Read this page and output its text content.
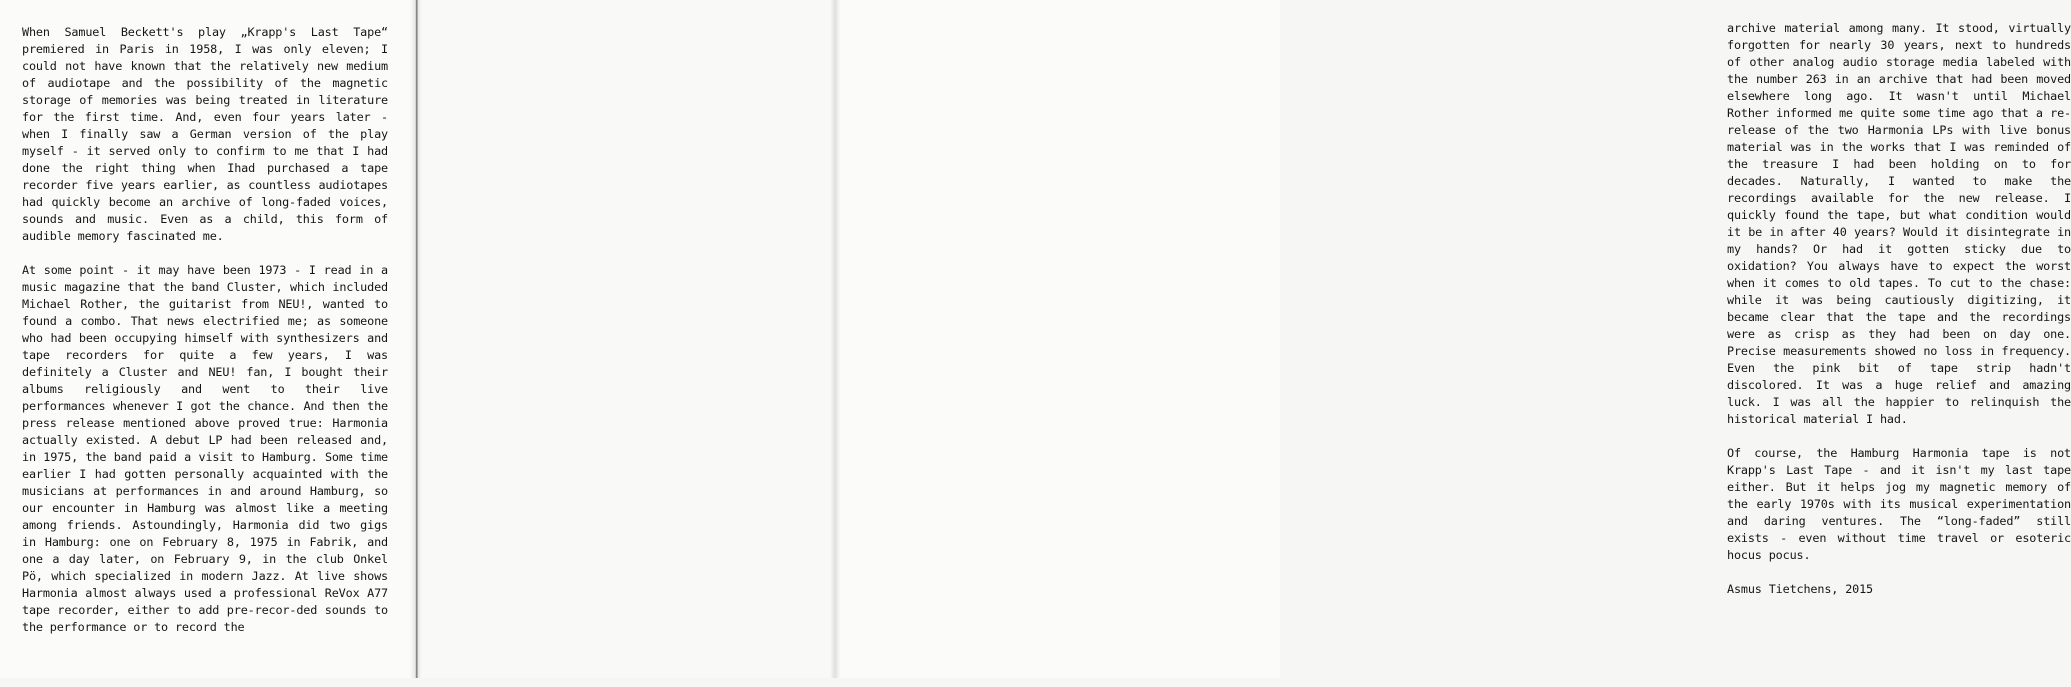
When Samuel Beckett's play „Krapp's Last Tape“ premiered in Paris in 1958, I was only eleven; I could not have known that the relatively new medium of audiotape and the possibility of the magnetic storage of memories was being treated in literature for the first time. And, even four years later - when I finally saw a German version of the play myself - it served only to confirm to me that I had done the right thing when Ihad purchased a tape recorder five years earlier, as countless audiotapes had quickly become an archive of long-faded voices, sounds and music. Even as a child, this form of audible memory fascinated me.

At some point - it may have been 1973 - I read in a music magazine that the band Cluster, which included Michael Rother, the guitarist from NEU!, wanted to found a combo. That news electrified me; as someone who had been occupying himself with synthesizers and tape recorders for quite a few years, I was definitely a Cluster and NEU! fan, I bought their albums religiously and went to their live performances whenever I got the chance. And then the press release mentioned above proved true: Harmonia actually existed. A debut LP had been released and, in 1975, the band paid a visit to Hamburg. Some time earlier I had gotten personally acquainted with the musicians at performances in and around Hamburg, so our encounter in Hamburg was almost like a meeting among friends. Astoundingly, Harmonia did two gigs in Hamburg: one on February 8, 1975 in Fabrik, and one a day later, on February 9, in the club Onkel Pö, which specialized in modern Jazz. At live shows Harmonia almost always used a professional ReVox A77 tape recorder, either to add pre-recor-ded sounds to the performance or to record the

archive material among many. It stood, virtually forgotten for nearly 30 years, next to hundreds of other analog audio storage media labeled with the number 263 in an archive that had been moved elsewhere long ago. It wasn't until Michael Rother informed me quite some time ago that a re-release of the two Harmonia LPs with live bonus material was in the works that I was reminded of the treasure I had been holding on to for decades. Naturally, I wanted to make the recordings available for the new release. I quickly found the tape, but what condition would it be in after 40 years? Would it disintegrate in my hands? Or had it gotten sticky due to oxidation? You always have to expect the worst when it comes to old tapes. To cut to the chase: while it was being cautiously digitizing, it became clear that the tape and the recordings were as crisp as they had been on day one. Precise measurements showed no loss in frequency. Even the pink bit of tape strip hadn't discolored. It was a huge relief and amazing luck. I was all the happier to relinquish the historical material I had.

Of course, the Hamburg Harmonia tape is not Krapp's Last Tape - and it isn't my last tape either. But it helps jog my magnetic memory of the early 1970s with its musical experimentation and daring ventures. The “long-faded” still exists - even without time travel or esoteric hocus pocus.

Asmus Tietchens, 2015
